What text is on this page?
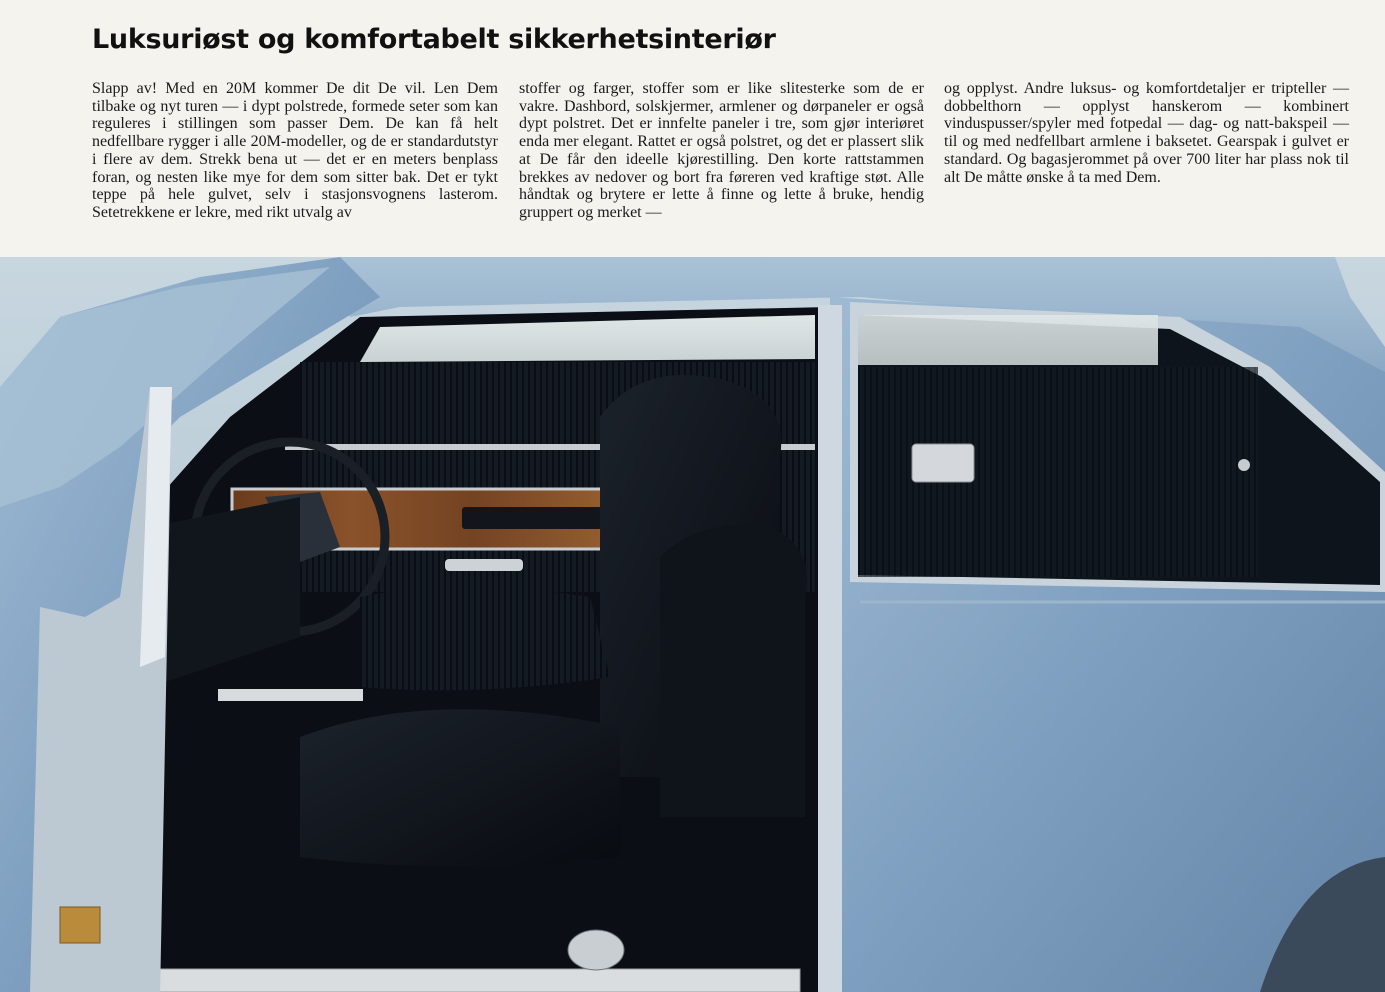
Luksuriøst og komfortabelt sikkerhetsinteriør

Slapp av! Med en 20M kommer De dit De vil. Len Dem tilbake og nyt turen — i dypt polstrede, formede seter som kan reguleres i stillingen som passer Dem. De kan få helt nedfellbare rygger i alle 20M-modeller, og de er standardutstyr i flere av dem. Strekk bena ut — det er en meters benplass foran, og nesten like mye for dem som sitter bak. Det er tykt teppe på hele gulvet, selv i stasjonsvognens lasterom. Setetrekkene er lekre, med rikt utvalg av

stoffer og farger, stoffer som er like slitesterke som de er vakre. Dashbord, solskjermer, armlener og dørpaneler er også dypt polstret. Det er innfelte paneler i tre, som gjør interiøret enda mer elegant. Rattet er også polstret, og det er plassert slik at De får den ideelle kjørestilling. Den korte rattstammen brekkes av nedover og bort fra føreren ved kraftige støt. Alle håndtak og brytere er lette å finne og lette å bruke, hendig gruppert og merket —

og opplyst. Andre luksus- og komfortdetaljer er tripteller — dobbelthorn — opplyst hanskerom — kombinert vinduspusser/spyler med fotpedal — dag- og natt-bakspeil — til og med nedfellbart armlene i baksetet. Gearspak i gulvet er standard. Og bagasjerommet på over 700 liter har plass nok til alt De måtte ønske å ta med Dem.
